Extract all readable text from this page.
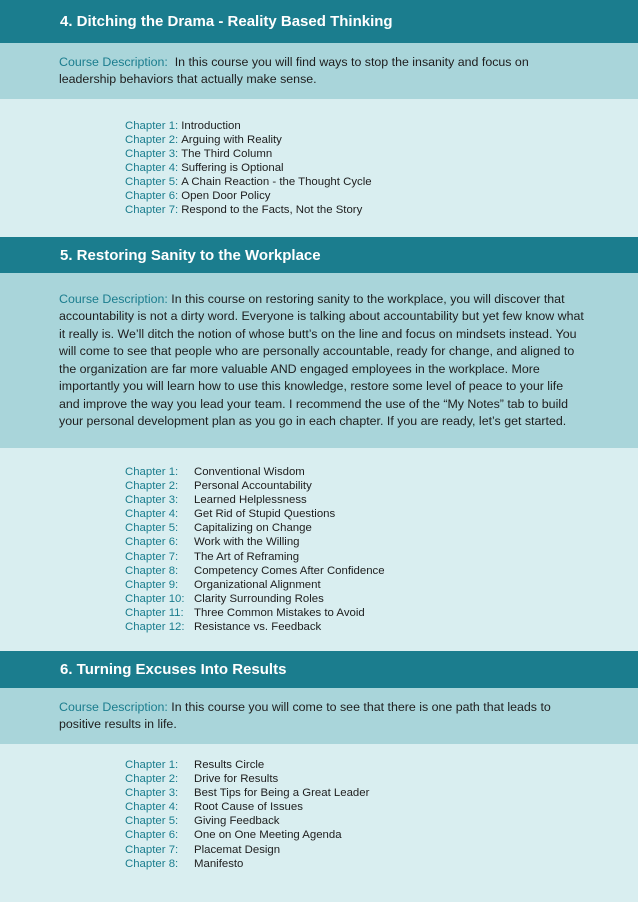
4. Ditching the Drama - Reality Based Thinking

Course Description: In this course you will find ways to stop the insanity and focus on leadership behaviors that actually make sense.

Chapter 1: Introduction
Chapter 2: Arguing with Reality
Chapter 3: The Third Column
Chapter 4: Suffering is Optional
Chapter 5: A Chain Reaction - the Thought Cycle
Chapter 6: Open Door Policy
Chapter 7: Respond to the Facts, Not the Story
5. Restoring Sanity to the Workplace

Course Description: In this course on restoring sanity to the workplace, you will discover that accountability is not a dirty word. Everyone is talking about accountability but yet few know what it really is. We’ll ditch the notion of whose butt’s on the line and focus on mindsets instead. You will come to see that people who are personally accountable, ready for change, and aligned to the organization are far more valuable AND engaged employees in the workplace. More importantly you will learn how to use this knowledge, restore some level of peace to your life and improve the way you lead your team. I recommend the use of the “My Notes” tab to build your personal development plan as you go in each chapter. If you are ready, let’s get started.

Chapter 1:	Conventional Wisdom
Chapter 2:	Personal Accountability
Chapter 3:	Learned Helplessness
Chapter 4:	Get Rid of Stupid Questions
Chapter 5:	Capitalizing on Change
Chapter 6:	Work with the Willing
Chapter 7:	The Art of Reframing
Chapter 8:	Competency Comes After Confidence
Chapter 9:	Organizational Alignment
Chapter 10: Clarity Surrounding Roles
Chapter 11: Three Common Mistakes to Avoid
Chapter 12: Resistance vs. Feedback
6. Turning Excuses Into Results

Course Description: In this course you will come to see that there is one path that leads to positive results in life.

Chapter 1:	Results Circle
Chapter 2:	Drive for Results
Chapter 3:	Best Tips for Being a Great Leader
Chapter 4:	Root Cause of Issues
Chapter 5:	Giving Feedback
Chapter 6:	One on One Meeting Agenda
Chapter 7:	Placemat Design
Chapter 8:	Manifesto
